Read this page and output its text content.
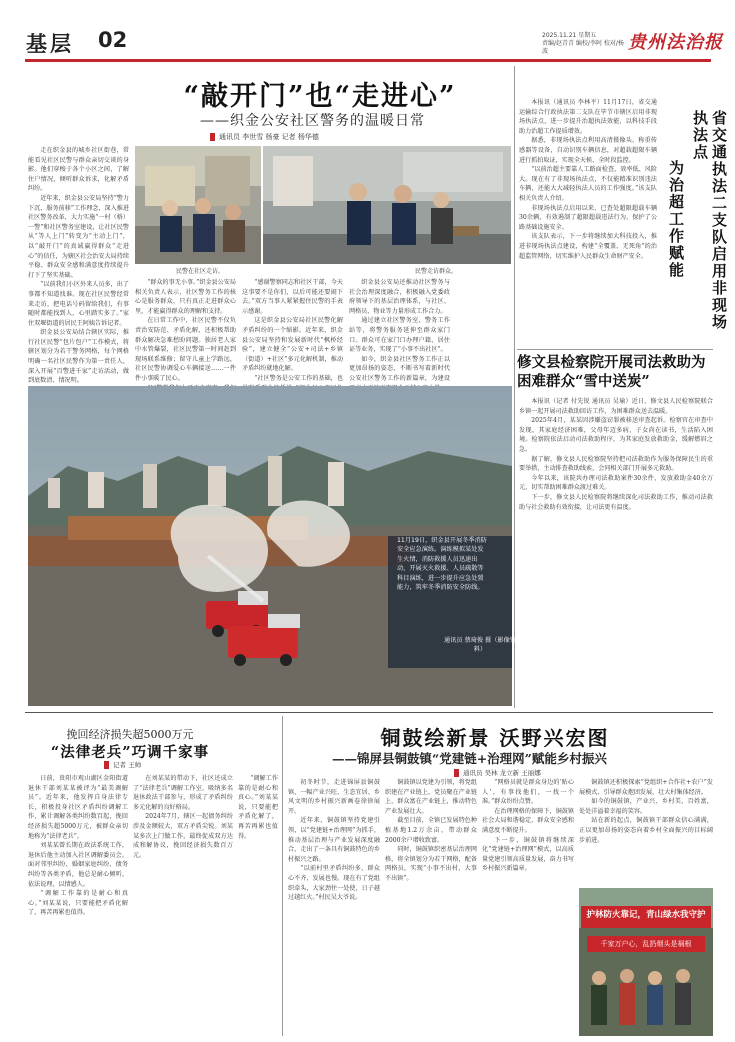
基层 02	2025.11.21 星期五
责编/赵青青 编校/李阿 校对/杨波	贵州法治报
“敲开门”也“走进心”
——织金公安社区警务的温暖日常
通讯员 李世雪 杨豪 记者 杨华德

走在织金县的城乡社区街巷，常能看见社区民警与群众亲切交谈的身影。他们穿梭于各个小区之间，了解住户情况，倾听群众诉求，化解矛盾纠纷。

近年来，织金县公安局坚持“警力下沉、服务前移”工作理念，深入推进社区警务改革，大力实施“一村（格）一警”和社区警务室建设，让社区民警从“等人上门”转变为“主动上门”，以“敲开门”的真诚赢得群众“走进心”的信任，为辖区社会治安大局持续平稳、群众安全感和满意度持续提升打下了坚实基础。

“以前我们小区外来人员多，出了事都不知道找谁。现在社区民警经常来走访，把电话号码留给我们，有事随时都能找到人，心里踏实多了。”家住双堰街道的居民王阿姨告诉记者。

织金县公安局结合辖区实际，推行社区民警“包片包户”工作模式，将辖区划分为若干警务网格，每个网格明确一名社区民警作为第一责任人，深入开展“百警进千家”走访活动，做到底数清、情况明。

民警在社区走访。	民警走访群众。

“群众的事无小事。”织金县公安局相关负责人表示，社区警务工作的核心是服务群众，只有真正走进群众心里，才能赢得群众的理解和支持。

在日常工作中，社区民警不仅负责治安防范、矛盾化解，还积极帮助群众解决急难愁盼问题。独居老人家中水管爆裂，社区民警第一时间赶到现场联系维修；留守儿童上学路远，社区民警协调爱心车辆接送……一件件小事暖了民心。

“感谢警察同志和社区干部，今天这事要不是你们，以后可能还要闹下去。”双方当事人紧紧握住民警的手表示感谢。

这是织金县公安局社区民警化解矛盾纠纷的一个缩影。近年来，织金县公安局坚持和发展新时代“枫桥经验”，建立健全“公安+司法+乡镇（街道）+社区”多元化解机制，推动矛盾纠纷就地化解。

“社区警务是公安工作的基础，也

织金县公安局还推动社区警务与社会治理深度融合，积极融入党委政府领导下的基层治理体系，与社区、网格员、物业等力量形成工作合力。

通过建立社区警务室、警务工作站等，将警务服务延伸至群众家门口。群众可在家门口办理户籍、居住证等业务，实现了“小事不出社区”。

如今，织金县社区警务工作正以更加昂扬的姿态，不断书写着新时代公安社区警务工作的新篇章，为建设

省交通执法二支队启用非现场执法点
为治超工作赋能

本报讯（通讯员 李林平）11月17日，省交通运输综合行政执法第二支队在毕节市辖区启用非现场执法点，进一步提升治超执法效能，以科技手段助力治超工作提质增效。

据悉，非现场执法点利用高清摄像头、称重传感器等设备，自动识别车辆信息，对超载超限车辆进行抓拍取证，实现全天候、全时段监控。

“以前治超主要靠人工路面检查，效率低、风险大。现在有了非现场执法点，不仅能精准识别违法车辆，还能大大减轻执法人员的工作强度。”该支队相关负责人介绍。

非现场执法点启用以来，已查处超限超载车辆30余辆，有效遏制了超限超载违法行为，保护了公路基础设施安全。

该支队表示，下一步将继续加大科技投入，推进非现场执法点建设，构建“全覆盖、无死角”的治超监管网络，切实维护人民群众生命财产安全。

修文县检察院开展司法救助为困难群众“雪中送炭”

本报讯（记者 付先锐 通讯员 吴瑜）近日，修文县人民检察院联合乡镇一起开展司法救助回访工作，为困难群众送去温暖。

2025年4月，某某因涉嫌盗窃罪被移送审查起诉。检察官在审查中发现，其家庭经济困难，父母年迈多病，子女尚在读书，生活陷入困境。检察院依法启动司法救助程序，为其家庭发放救助金，缓解燃眉之急。

据了解，修文县人民检察院坚持把司法救助作为服务保障民生的重要举措，主动排查救助线索，会同相关部门开展多元救助。

今年以来，该院共办理司法救助案件30余件，发放救助金40余万元，切实帮助困难群众渡过难关。

下一步，修文县人民检察院将继续深化司法救助工作，推动司法救助与社会救助有效衔接，让司法更有温度。

11月19日，织金县开展冬季消防安全应急演练。演练模拟某处发生火情，消防救援人员迅速出动，开展灭火救援、人员疏散等科目演练，进一步提升应急处置能力，筑牢冬季消防安全防线。
通讯员 蔡琦俊 摄（影像资料）
挽回经济损失超5000万元
“法律老兵”巧调千家事
记者 王帅

日前，贵阳市观山湖区金阳街道退休干部刘某某被评为“最美调解员”。近年来，他发挥自身法律专长，积极投身社区矛盾纠纷调解工作，累计调解各类纠纷数百起，挽回经济损失超5000万元，被群众亲切地称为“法律老兵”。

刘某某曾长期在政法系统工作，退休后他主动加入社区调解委员会。面对邻里纠纷、婚姻家庭纠纷、债务纠纷等各类矛盾，他总是耐心倾听、依法说理、以情感人。

“调解工作靠的是耐心和真心。”刘某某说，只要能把矛盾化解了，再苦再累也值得。

在刘某某的带动下，社区还成立了“法律老兵”调解工作室，吸纳多名退休政法干部参与，形成了矛盾纠纷多元化解的良好格局。

2024年7月，辖区一起债务纠纷涉及金额较大，双方矛盾尖锐。刘某某多次上门做工作，最终促成双方达成和解协议，挽回经济损失数百万元。

“调解工作靠的是耐心和真心。”刘某某说，只要能把矛盾化解了，再苦再累也值得。

铜鼓绘新景 沃野兴宏图
——锦屏县铜鼓镇“党建链+治理网”赋能乡村振兴
通讯员 吴林 龙立新 王丽娜

初冬时节，走进锦屏县铜鼓镇，一幅产业兴旺、生态宜居、乡风文明的乡村振兴新画卷徐徐展开。

近年来，铜鼓镇坚持党建引领，以“党建链+治理网”为抓手，推动基层治理与产业发展深度融合，走出了一条具有铜鼓特色的乡村振兴之路。

“以前村里矛盾纠纷多，群众心不齐，发展也慢。现在有了党组织牵头，大家劲往一处使，日子越过越红火。”村民吴大爷说。

铜鼓镇以党建为引领，将党组织建在产业链上、党员聚在产业链上、群众富在产业链上，推动特色产业发展壮大。

截至目前，全镇已发展特色种植基地1.2万余亩，带动群众2000余户增收致富。

同时，铜鼓镇织密基层治理网格，将全镇划分为若干网格，配备网格员，实现“小事不出村、大事不出镇”。

“网格员就是群众身边的‘贴心人’，有事找他们，一找一个准。”群众纷纷点赞。

在治理网格的保障下，铜鼓镇社会大局和谐稳定，群众安全感和满意度不断提升。

下一步，铜鼓镇将继续深化“党建链+治理网”模式，以高质量党建引领高质量发展，奋力书写乡村振兴新篇章。

铜鼓镇还积极探索“党组织+合作社+农户”发展模式，引导群众抱团发展，壮大村集体经济。

如今的铜鼓镇，产业兴、乡村美、百姓富，处处洋溢着幸福的笑容。

站在新的起点，铜鼓镇干部群众信心满满，正以更加昂扬的姿态向着乡村全面振兴的目标阔步前进。

护林防火靠记，青山绿水我守护
千家万户心，乱扔烟头是祸根
